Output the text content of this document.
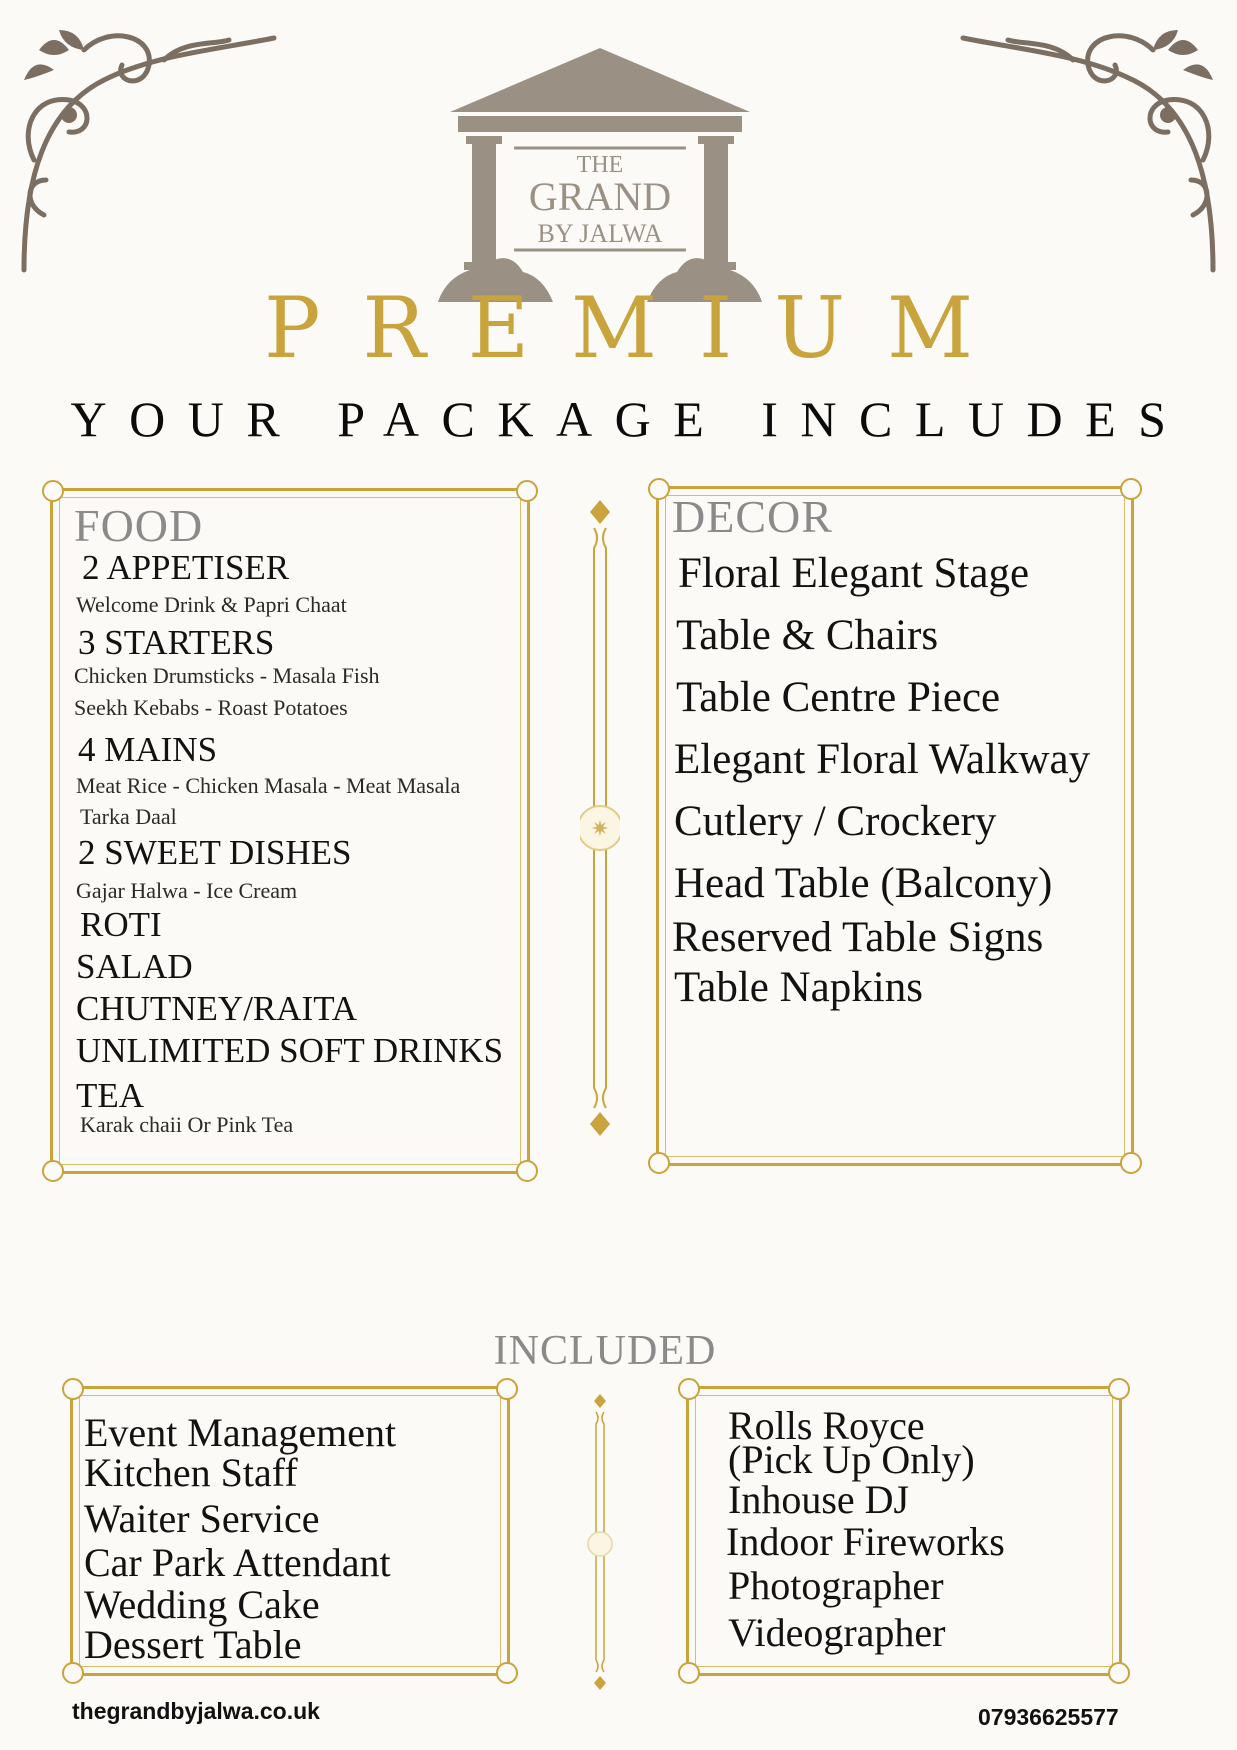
THE
GRAND
BY JALWA
PREMIUM
YOUR PACKAGE INCLUDES
FOOD
2 APPETISER
Welcome Drink & Papri Chaat
3 STARTERS
Chicken Drumsticks - Masala Fish
Seekh Kebabs - Roast Potatoes
4 MAINS
Meat Rice - Chicken Masala - Meat Masala
Tarka Daal
2 SWEET DISHES
Gajar Halwa - Ice Cream
ROTI
SALAD
CHUTNEY/RAITA
UNLIMITED SOFT DRINKS
TEA
Karak chaii Or Pink Tea
✷
DECOR
Floral Elegant Stage
Table & Chairs
Table Centre Piece
Elegant Floral Walkway
Cutlery / Crockery
Head Table (Balcony)
Reserved Table Signs
Table Napkins
INCLUDED
Event Management
Kitchen Staff
Waiter Service
Car Park Attendant
Wedding Cake
Dessert Table
Rolls Royce
(Pick Up Only)
Inhouse DJ
Indoor Fireworks
Photographer
Videographer
thegrandbyjalwa.co.uk	07936625577
